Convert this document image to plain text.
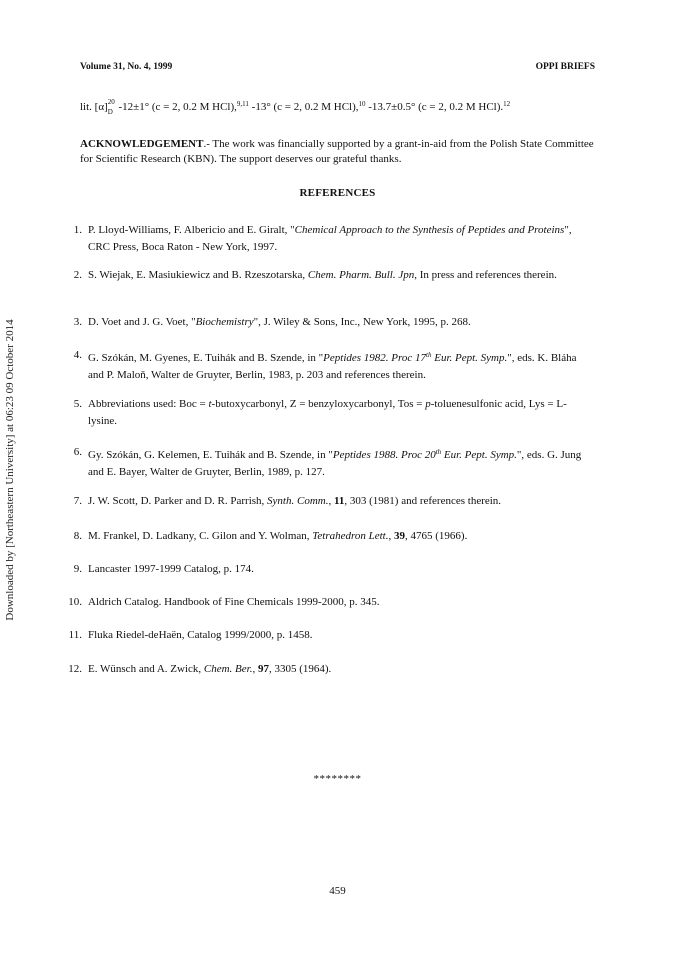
Volume 31, No. 4, 1999	OPPI BRIEFS
lit. [α] 20
D -12±1° (c = 2, 0.2 M HCl),$^{9,11}$ -13° (c = 2, 0.2 M HCl),$^{10}$ -13.7±0.5° (c = 2, 0.2 M HCl).$^{12}$
ACKNOWLEDGEMENT.- The work was financially supported by a grant-in-aid from the Polish State Committee for Scientific Research (KBN). The support deserves our grateful thanks.
REFERENCES
1. P. Lloyd-Williams, F. Albericio and E. Giralt, "Chemical Approach to the Synthesis of Peptides and Proteins", CRC Press, Boca Raton - New York, 1997.
2. S. Wiejak, E. Masiukiewicz and B. Rzeszotarska, Chem. Pharm. Bull. Jpn, In press and references therein.
3. D. Voet and J. G. Voet, "Biochemistry", J. Wiley & Sons, Inc., New York, 1995, p. 268.
4. G. Szókán, M. Gyenes, E. Tuihák and B. Szende, in "Peptides 1982. Proc 17th Eur. Pept. Symp.", eds. K. Bláha and P. Maloň, Walter de Gruyter, Berlin, 1983, p. 203 and references therein.
5. Abbreviations used: Boc = t-butoxycarbonyl, Z = benzyloxycarbonyl, Tos = p-toluenesulfonic acid, Lys = L-lysine.
6. Gy. Szókán, G. Kelemen, E. Tuihák and B. Szende, in "Peptides 1988. Proc 20th Eur. Pept. Symp.", eds. G. Jung and E. Bayer, Walter de Gruyter, Berlin, 1989, p. 127.
7. J. W. Scott, D. Parker and D. R. Parrish, Synth. Comm., 11, 303 (1981) and references therein.
8. M. Frankel, D. Ladkany, C. Gilon and Y. Wolman, Tetrahedron Lett., 39, 4765 (1966).
9. Lancaster 1997-1999 Catalog, p. 174.
10. Aldrich Catalog. Handbook of Fine Chemicals 1999-2000, p. 345.
11. Fluka Riedel-deHaën, Catalog 1999/2000, p. 1458.
12. E. Wünsch and A. Zwick, Chem. Ber., 97, 3305 (1964).
********
459
Downloaded by [Northeastern University] at 06:23 09 October 2014
